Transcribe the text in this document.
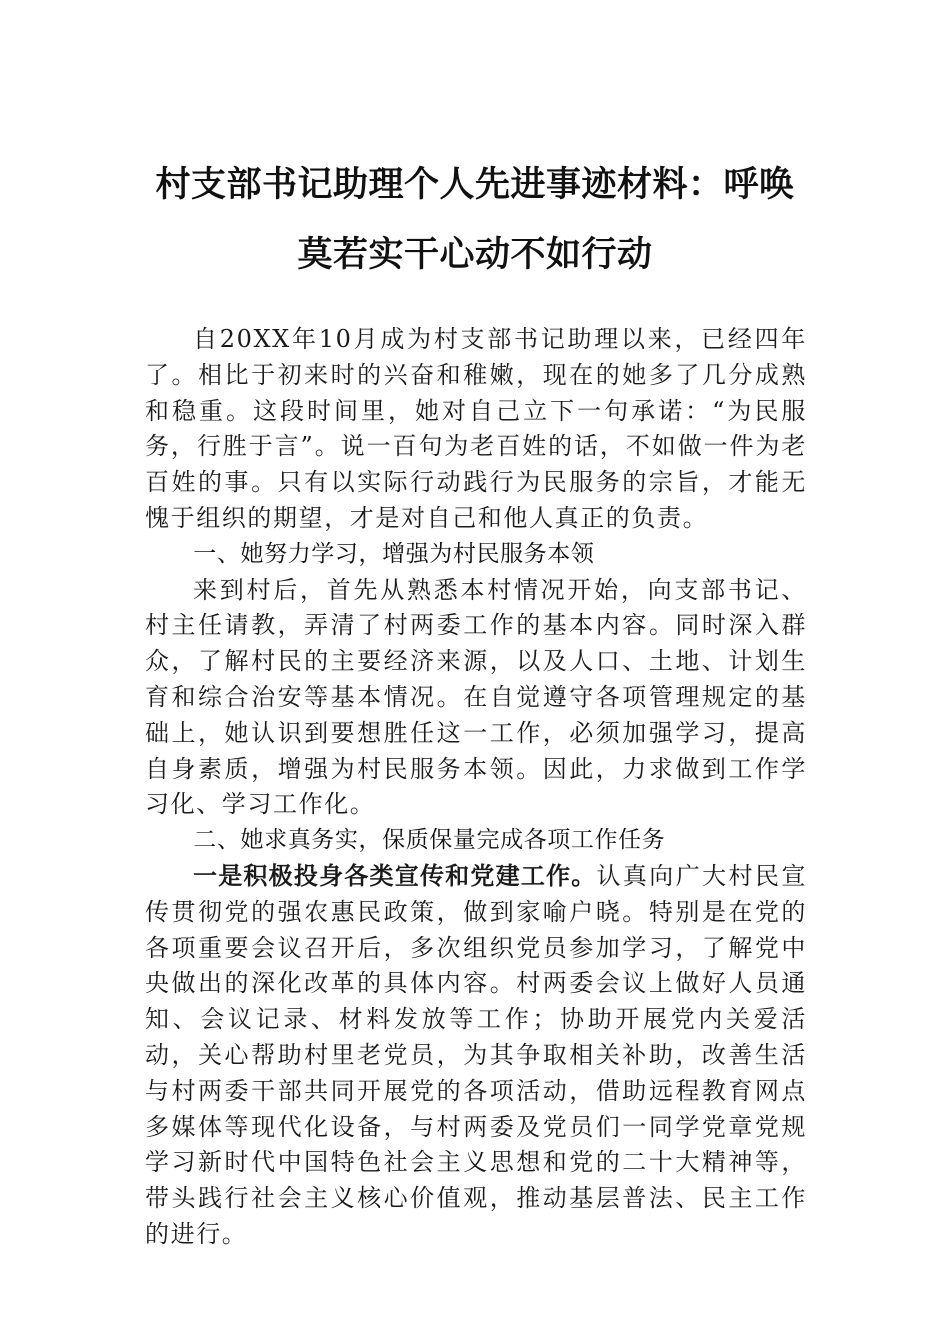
村支部书记助理个人先进事迹材料：呼唤
莫若实干心动不如行动

自20XX年10月成为村支部书记助理以来，已经四年了。相比于初来时的兴奋和稚嫩，现在的她多了几分成熟和稳重。这段时间里，她对自己立下一句承诺：“为民服务，行胜于言”。说一百句为老百姓的话，不如做一件为老百姓的事。只有以实际行动践行为民服务的宗旨，才能无愧于组织的期望，才是对自己和他人真正的负责。

一、她努力学习，增强为村民服务本领

来到村后，首先从熟悉本村情况开始，向支部书记、村主任请教，弄清了村两委工作的基本内容。同时深入群众，了解村民的主要经济来源，以及人口、土地、计划生育和综合治安等基本情况。在自觉遵守各项管理规定的基础上，她认识到要想胜任这一工作，必须加强学习，提高自身素质，增强为村民服务本领。因此，力求做到工作学习化、学习工作化。

二、她求真务实，保质保量完成各项工作任务

一是积极投身各类宣传和党建工作。认真向广大村民宣传贯彻党的强农惠民政策，做到家喻户晓。特别是在党的各项重要会议召开后，多次组织党员参加学习，了解党中央做出的深化改革的具体内容。村两委会议上做好人员通知、会议记录、材料发放等工作；协助开展党内关爱活动，关心帮助村里老党员，为其争取相关补助，改善生活与村两委干部共同开展党的各项活动，借助远程教育网点多媒体等现代化设备，与村两委及党员们一同学党章党规学习新时代中国特色社会主义思想和党的二十大精神等，带头践行社会主义核心价值观，推动基层普法、民主工作的进行。
